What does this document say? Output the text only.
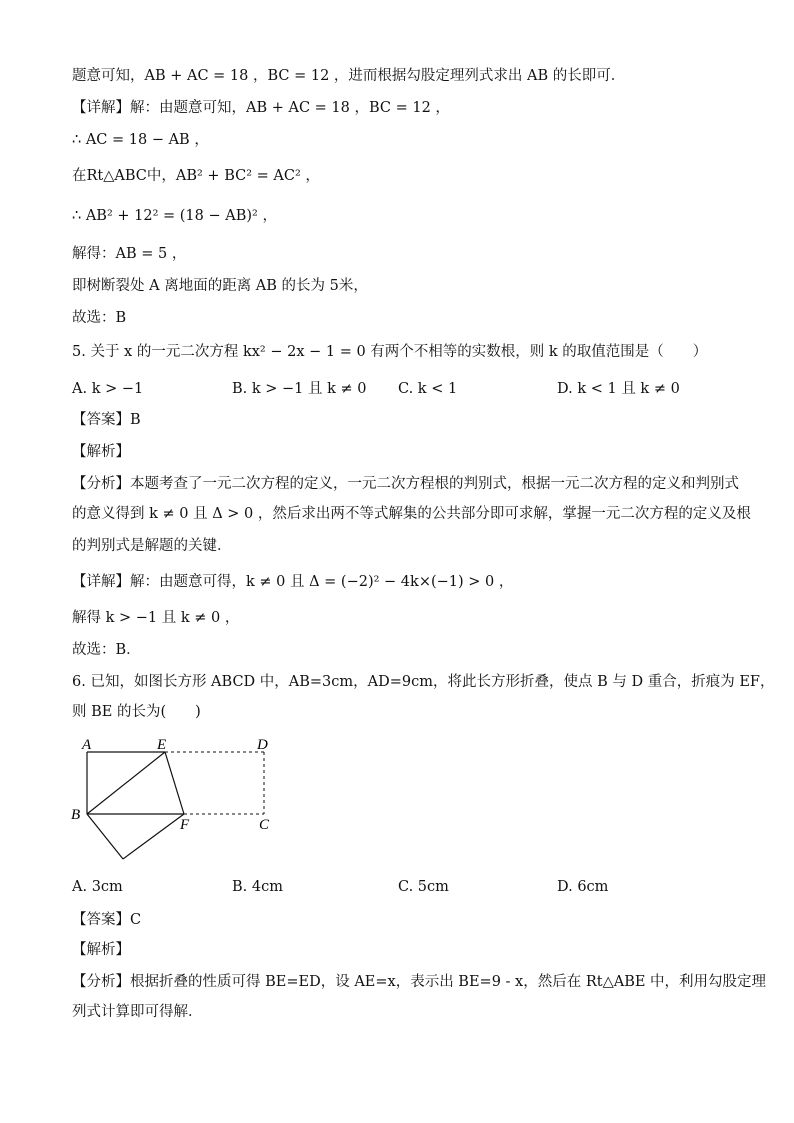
题意可知，AB + AC = 18 ，BC = 12 ，进而根据勾股定理列式求出 AB 的长即可．
【详解】解：由题意可知，AB + AC = 18 ，BC = 12 ，
∴ AC = 18 − AB ，
在Rt△ABC中，AB² + BC² = AC² ，
∴ AB² + 12² = (18 − AB)² ，
解得：AB = 5 ，
即树断裂处 A 离地面的距离 AB 的长为 5米，
故选：B
5. 关于 x 的一元二次方程 kx² − 2x − 1 = 0 有两个不相等的实数根，则 k 的取值范围是（　　）
A. k > −1	B. k > −1 且 k ≠ 0 C. k < 1	D. k < 1 且 k ≠ 0
【答案】B
【解析】
【分析】本题考查了一元二次方程的定义，一元二次方程根的判别式，根据一元二次方程的定义和判别式
的意义得到 k ≠ 0 且 Δ > 0 ，然后求出两不等式解集的公共部分即可求解，掌握一元二次方程的定义及根
的判别式是解题的关键．
【详解】解：由题意可得，k ≠ 0 且 Δ = (−2)² − 4k×(−1) > 0 ，
解得 k > −1 且 k ≠ 0 ，
故选：B．
6. 已知，如图长方形 ABCD 中，AB=3cm，AD=9cm，将此长方形折叠，使点 B 与 D 重合，折痕为 EF，
则 BE 的长为(　　)
A	E	D
B
F	C
A. 3cm	B. 4cm	C. 5cm	D. 6cm
【答案】C
【解析】
【分析】根据折叠的性质可得 BE=ED，设 AE=x，表示出 BE=9 - x，然后在 Rt△ABE 中，利用勾股定理
列式计算即可得解．
